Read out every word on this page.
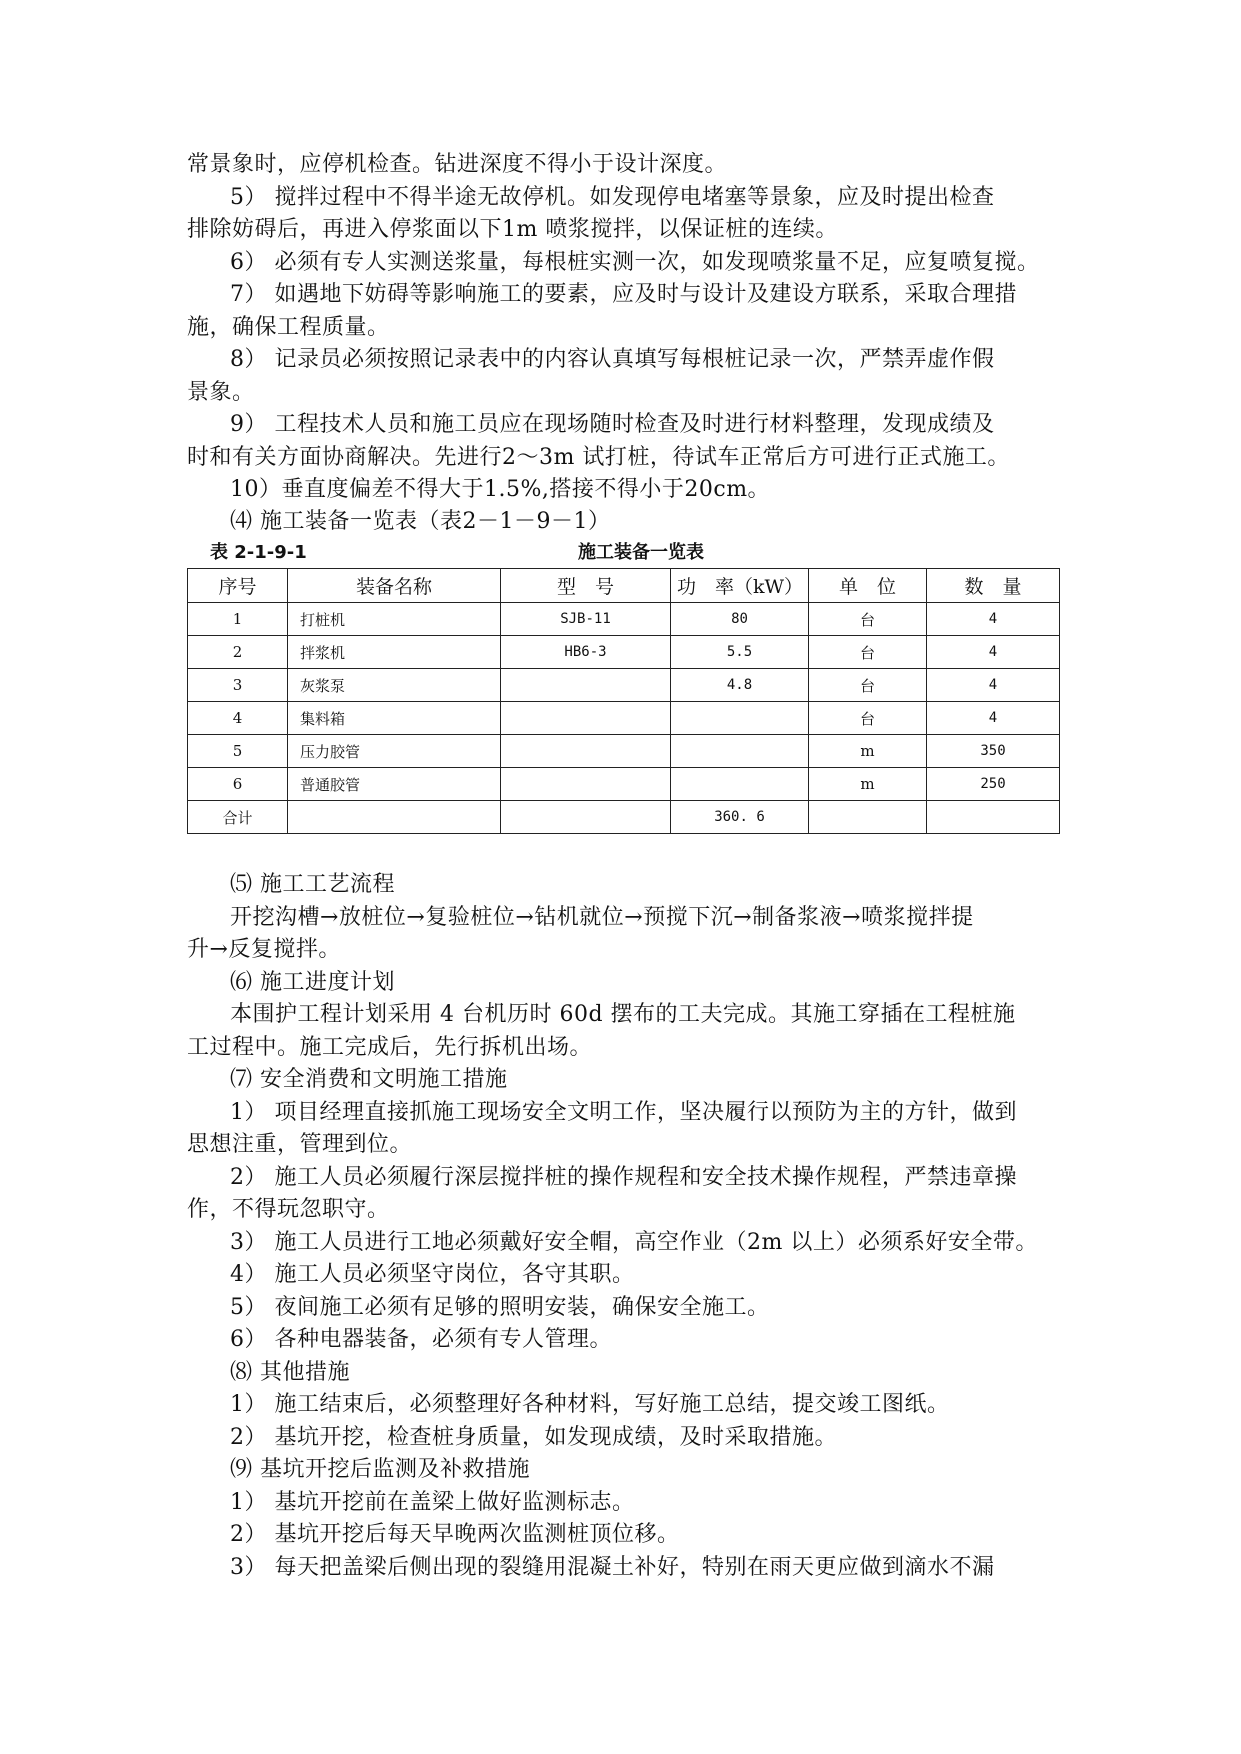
常景象时，应停机检查。钻进深度不得小于设计深度。
5） 搅拌过程中不得半途无故停机。如发现停电堵塞等景象，应及时提出检查
排除妨碍后，再进入停浆面以下1m 喷浆搅拌，以保证桩的连续。
6） 必须有专人实测送浆量，每根桩实测一次，如发现喷浆量不足，应复喷复搅。
7） 如遇地下妨碍等影响施工的要素，应及时与设计及建设方联系，采取合理措
施，确保工程质量。
8） 记录员必须按照记录表中的内容认真填写每根桩记录一次，严禁弄虚作假
景象。
9） 工程技术人员和施工员应在现场随时检查及时进行材料整理，发现成绩及
时和有关方面协商解决。先进行2～3m 试打桩，待试车正常后方可进行正式施工。
10）垂直度偏差不得大于1.5%,搭接不得小于20cm。
⑷ 施工装备一览表（表2－1－9－1）
表 2-1-9-1	施工装备一览表
序号	装备名称	型　号	功　率（kW）	单　位	数　量
1	打桩机	SJB-11	80	台	4
2	拌浆机	HB6-3	5.5	台	4
3	灰浆泵		4.8	台	4
4	集料箱			台	4
5	压力胶管			m	350
6	普通胶管			m	250
合计			360. 6		
⑸ 施工工艺流程
开挖沟槽→放桩位→复验桩位→钻机就位→预搅下沉→制备浆液→喷浆搅拌提
升→反复搅拌。
⑹ 施工进度计划
本围护工程计划采用 4 台机历时 60d 摆布的工夫完成。其施工穿插在工程桩施
工过程中。施工完成后，先行拆机出场。
⑺ 安全消费和文明施工措施
1） 项目经理直接抓施工现场安全文明工作，坚决履行以预防为主的方针，做到
思想注重，管理到位。
2） 施工人员必须履行深层搅拌桩的操作规程和安全技术操作规程，严禁违章操
作，不得玩忽职守。
3） 施工人员进行工地必须戴好安全帽，高空作业（2m 以上）必须系好安全带。
4） 施工人员必须坚守岗位，各守其职。
5） 夜间施工必须有足够的照明安装，确保安全施工。
6） 各种电器装备，必须有专人管理。
⑻ 其他措施
1） 施工结束后，必须整理好各种材料，写好施工总结，提交竣工图纸。
2） 基坑开挖，检查桩身质量，如发现成绩，及时采取措施。
⑼ 基坑开挖后监测及补救措施
1） 基坑开挖前在盖梁上做好监测标志。
2） 基坑开挖后每天早晚两次监测桩顶位移。
3） 每天把盖梁后侧出现的裂缝用混凝土补好，特别在雨天更应做到滴水不漏
